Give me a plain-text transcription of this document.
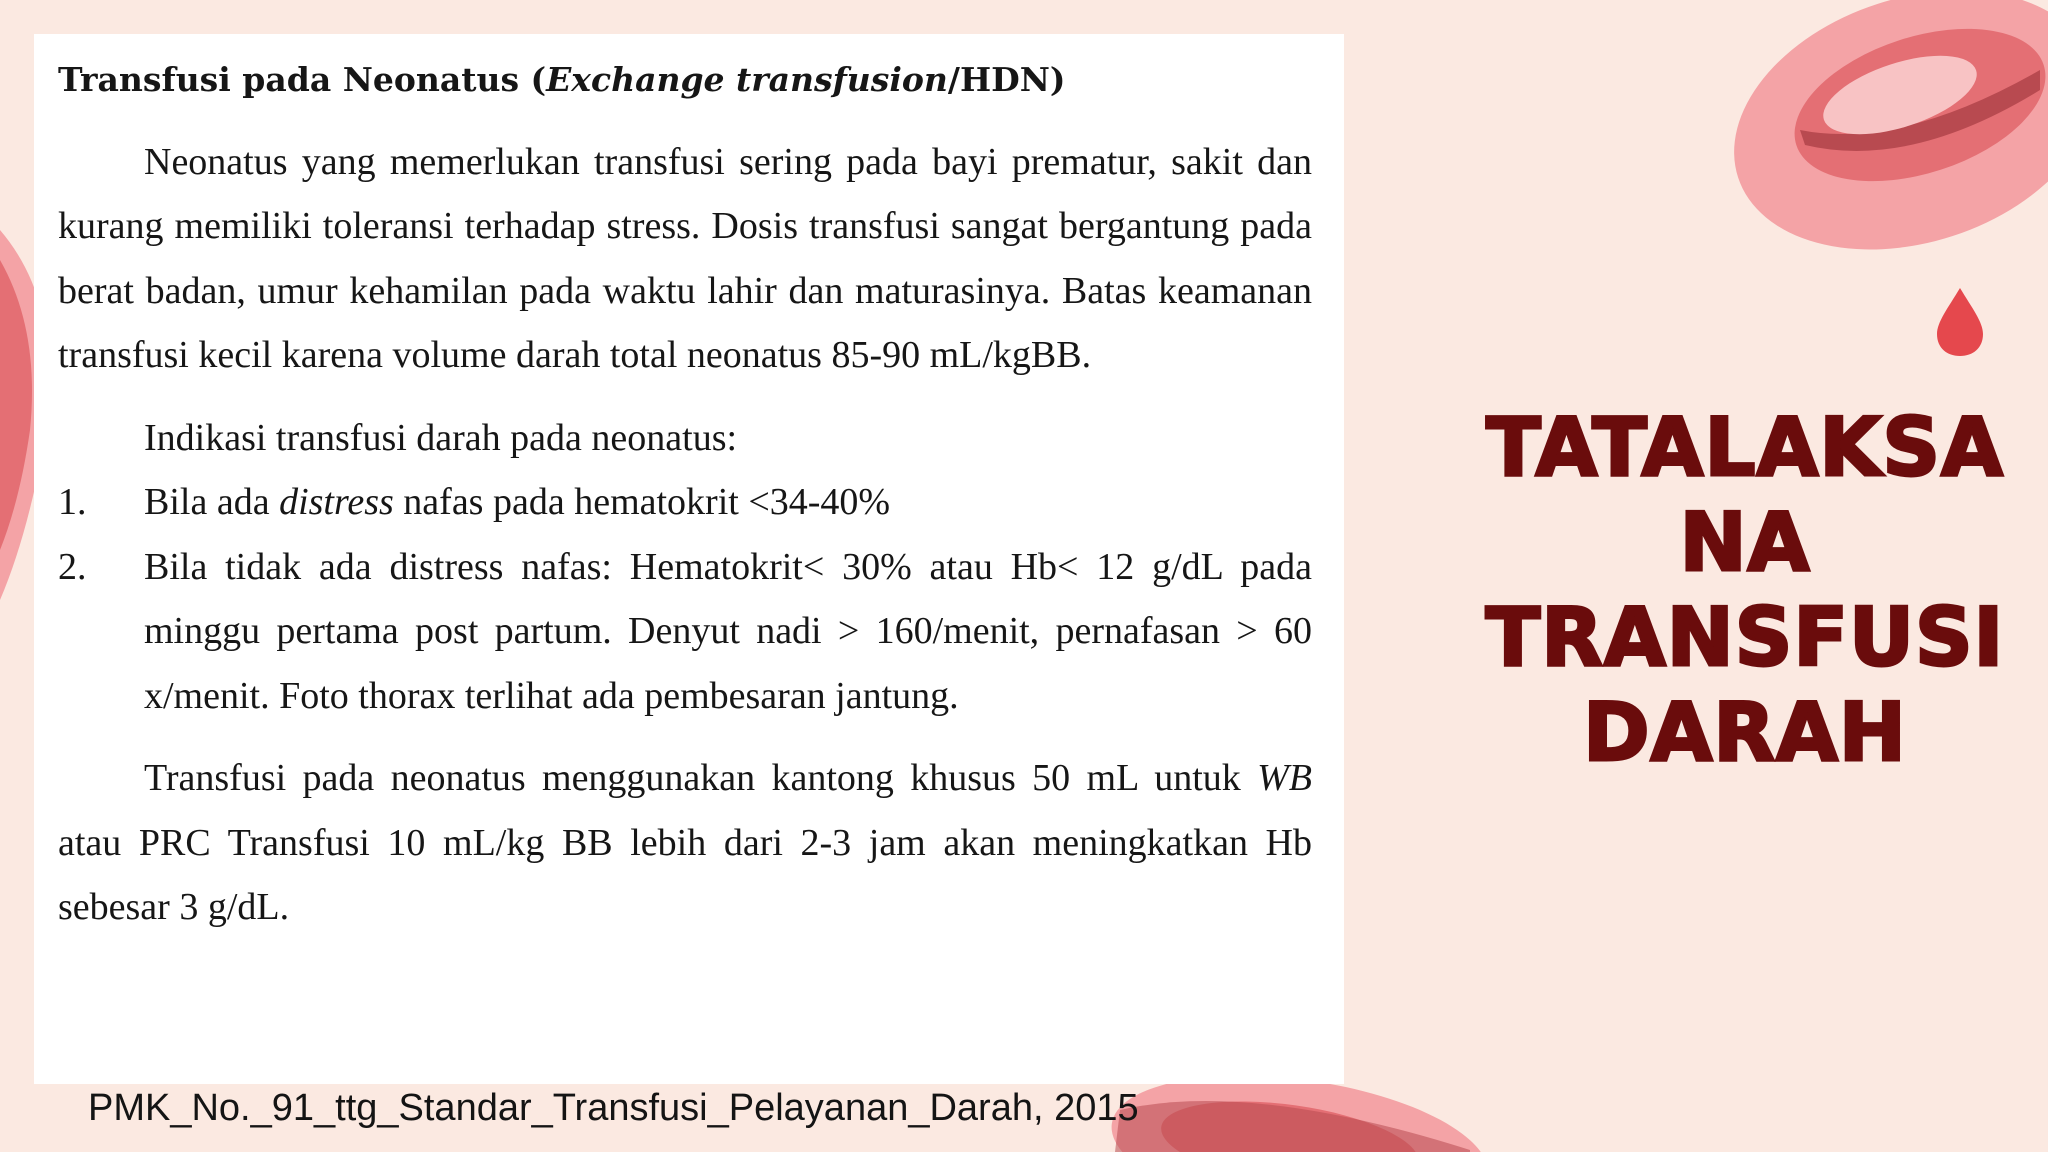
Transfusi pada Neonatus (Exchange transfusion/HDN)

Neonatus yang memerlukan transfusi sering pada bayi prematur, sakit dan kurang memiliki toleransi terhadap stress. Dosis transfusi sangat bergantung pada berat badan, umur kehamilan pada waktu lahir dan maturasinya. Batas keamanan transfusi kecil karena volume darah total neonatus 85-90 mL/kgBB.

Indikasi transfusi darah pada neonatus:

1.	Bila ada distress nafas pada hematokrit <34-40%
2.	Bila tidak ada distress nafas: Hematokrit< 30% atau Hb< 12 g/dL pada minggu pertama post partum. Denyut nadi > 160/menit, pernafasan > 60 x/menit. Foto thorax terlihat ada pembesaran jantung.

Transfusi pada neonatus menggunakan kantong khusus 50 mL untuk WB atau PRC Transfusi 10 mL/kg BB lebih dari 2-3 jam akan meningkatkan Hb sebesar 3 g/dL.

PMK_No._91_ttg_Standar_Transfusi_Pelayanan_Darah, 2015
TATALAKSA
NA
TRANSFUSI
DARAH
